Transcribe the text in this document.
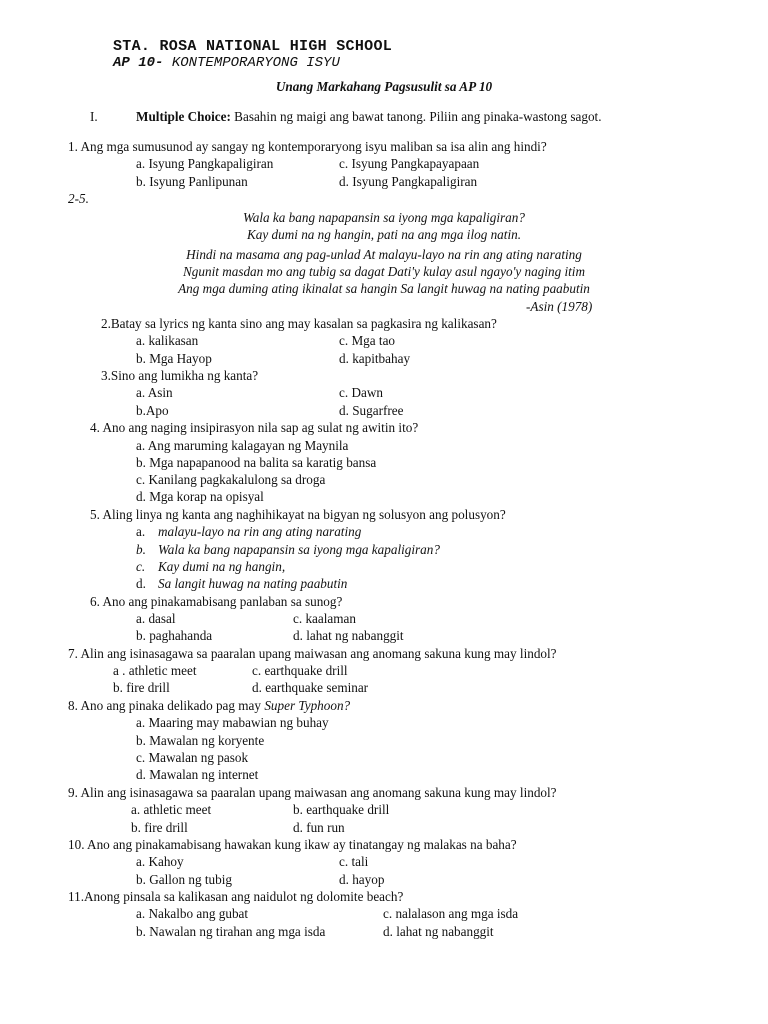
STA. ROSA NATIONAL HIGH SCHOOL
AP 10- KONTEMPORARYONG ISYU
Unang Markahang Pagsusulit sa AP 10
I.	Multiple Choice: Basahin ng maigi ang bawat tanong. Piliin ang pinaka-wastong sagot.
1. Ang mga sumusunod ay sangay ng kontemporaryong isyu maliban sa isa alin ang hindi?
a. Isyung Pangkapaligiran	c. Isyung Pangkapayapaan
b. Isyung Panlipunan	d. Isyung Pangkapaligiran
2-5.
Wala ka bang napapansin sa iyong mga kapaligiran?
Kay dumi na ng hangin, pati na ang mga ilog natin.
Hindi na masama ang pag-unlad At malayu-layo na rin ang ating narating
Ngunit masdan mo ang tubig sa dagat Dati'y kulay asul ngayo'y naging itim
Ang mga duming ating ikinalat sa hangin Sa langit huwag na nating paabutin
-Asin (1978)
2.Batay sa lyrics ng kanta sino ang may kasalan sa pagkasira ng kalikasan?
a. kalikasan	c. Mga tao
b. Mga Hayop	d. kapitbahay
3.Sino ang lumikha ng kanta?
a. Asin	c. Dawn
b.Apo	d. Sugarfree
4. Ano ang naging insipirasyon nila sap ag sulat ng awitin ito?
a. Ang maruming kalagayan ng Maynila
b. Mga napapanood na balita sa karatig bansa
c. Kanilang pagkakalulong sa droga
d. Mga korap na opisyal
5. Aling linya ng kanta ang naghihikayat na bigyan ng solusyon ang polusyon?
a. malayu-layo na rin ang ating narating
b. Wala ka bang napapansin sa iyong mga kapaligiran?
c. Kay dumi na ng hangin,
d. Sa langit huwag na nating paabutin
6. Ano ang pinakamabisang panlaban sa sunog?
a. dasal	c. kaalaman
b. paghahanda	d. lahat ng nabanggit
7. Alin ang isinasagawa sa paaralan upang maiwasan ang anomang sakuna kung may lindol?
a . athletic meet	c. earthquake drill
b. fire drill	d. earthquake seminar
8. Ano ang pinaka delikado pag may Super Typhoon?
a. Maaring may mabawian ng buhay
b. Mawalan ng koryente
c. Mawalan ng pasok
d. Mawalan ng internet
9. Alin ang isinasagawa sa paaralan upang maiwasan ang anomang sakuna kung may lindol?
a. athletic meet	b. earthquake drill
b. fire drill	d. fun run
10. Ano ang pinakamabisang hawakan kung ikaw ay tinatangay ng malakas na baha?
a. Kahoy	c. tali
b. Gallon ng tubig	d. hayop
11.Anong pinsala sa kalikasan ang naidulot ng dolomite beach?
a. Nakalbo ang gubat	c. nalalason ang mga isda
b. Nawalan ng tirahan ang mga isda	d. lahat ng nabanggit
